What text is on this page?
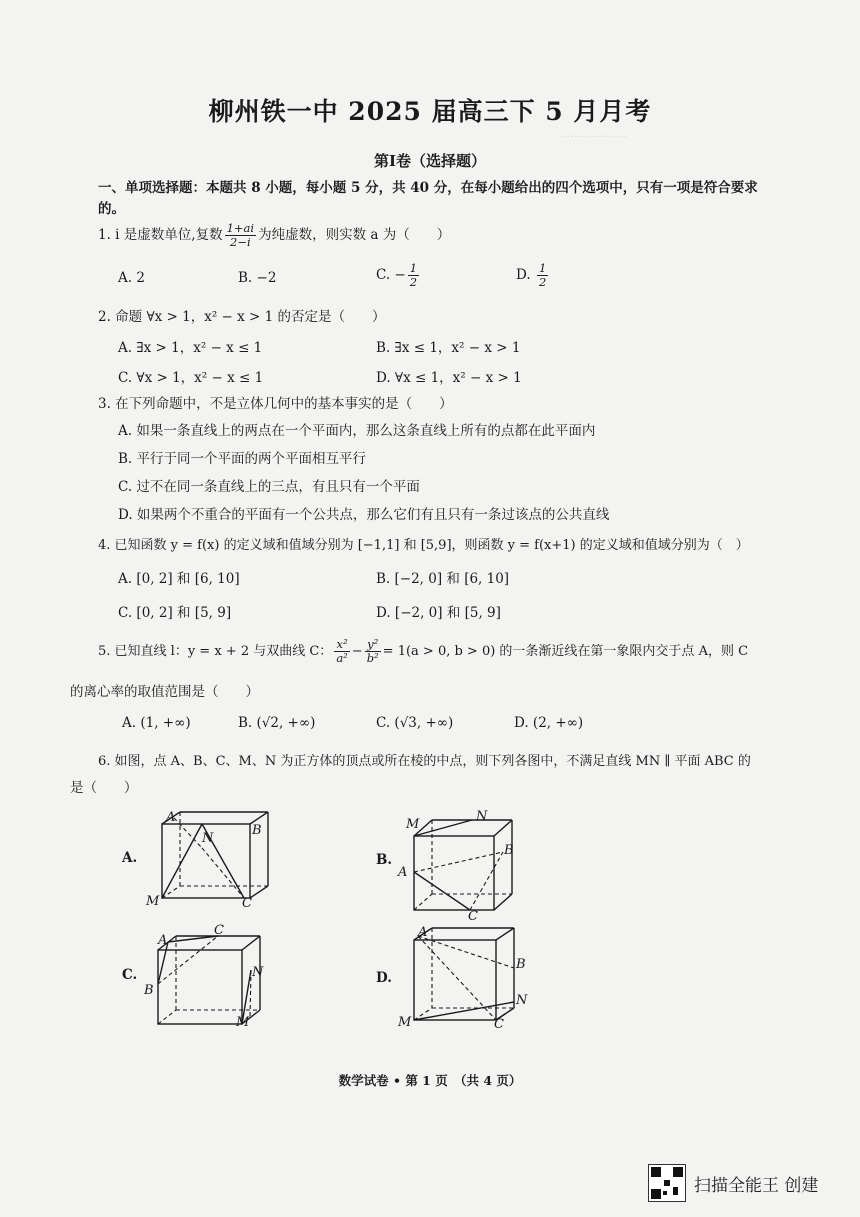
···················
柳州铁一中 2025 届高三下 5 月月考
第Ⅰ卷（选择题）
一、单项选择题：本题共 8 小题，每小题 5 分，共 40 分，在每小题给出的四个选项中，只有一项是符合要求的。
1. i 是虚数单位,复数 $\frac{1+ai}{2-i}$ 为纯虚数，则实数 a 为（　　）
A. 2	B. −2	C. − $\frac{1}{2}$	D. $\frac{1}{2}$
2. 命题 ∀x > 1，x² − x > 1 的否定是（　　）
A. ∃x > 1，x² − x ≤ 1	B. ∃x ≤ 1，x² − x > 1
C. ∀x > 1，x² − x ≤ 1	D. ∀x ≤ 1，x² − x > 1
3. 在下列命题中，不是立体几何中的基本事实的是（　　）
A. 如果一条直线上的两点在一个平面内，那么这条直线上所有的点都在此平面内
B. 平行于同一个平面的两个平面相互平行
C. 过不在同一条直线上的三点，有且只有一个平面
D. 如果两个不重合的平面有一个公共点，那么它们有且只有一条过该点的公共直线
4. 已知函数 y = f(x) 的定义域和值域分别为 [−1,1] 和 [5,9]，则函数 y = f(x+1) 的定义域和值域分别为（　）
A. [0, 2] 和 [6, 10]	B. [−2, 0] 和 [6, 10]
C. [0, 2] 和 [5, 9]	D. [−2, 0] 和 [5, 9]
5. 已知直线 l：y = x + 2 与双曲线 C： $\frac{\text{x²}}{\text{a²}} - \frac{\text{y²}}{\text{b²}} = 1(a > 0$, b > 0) 的一条渐近线在第一象限内交于点 A，则 C
的离心率的取值范围是（　　）
A. (1, +∞)	B. (√2, +∞)	C. (√3, +∞)	D. (2, +∞)
6. 如图，点 A、B、C、M、N 为正方体的顶点或所在棱的中点，则下列各图中，不满足直线 MN ∥ 平面 ABC 的
是（　　）
A.	B.
C.	D.
A
N
B
M	C
M
N
B
A
C
A
C
N
B
M
A
B
N
M	C
数学试卷 • 第 1 页　（共 4 页）
扫描全能王 创建
